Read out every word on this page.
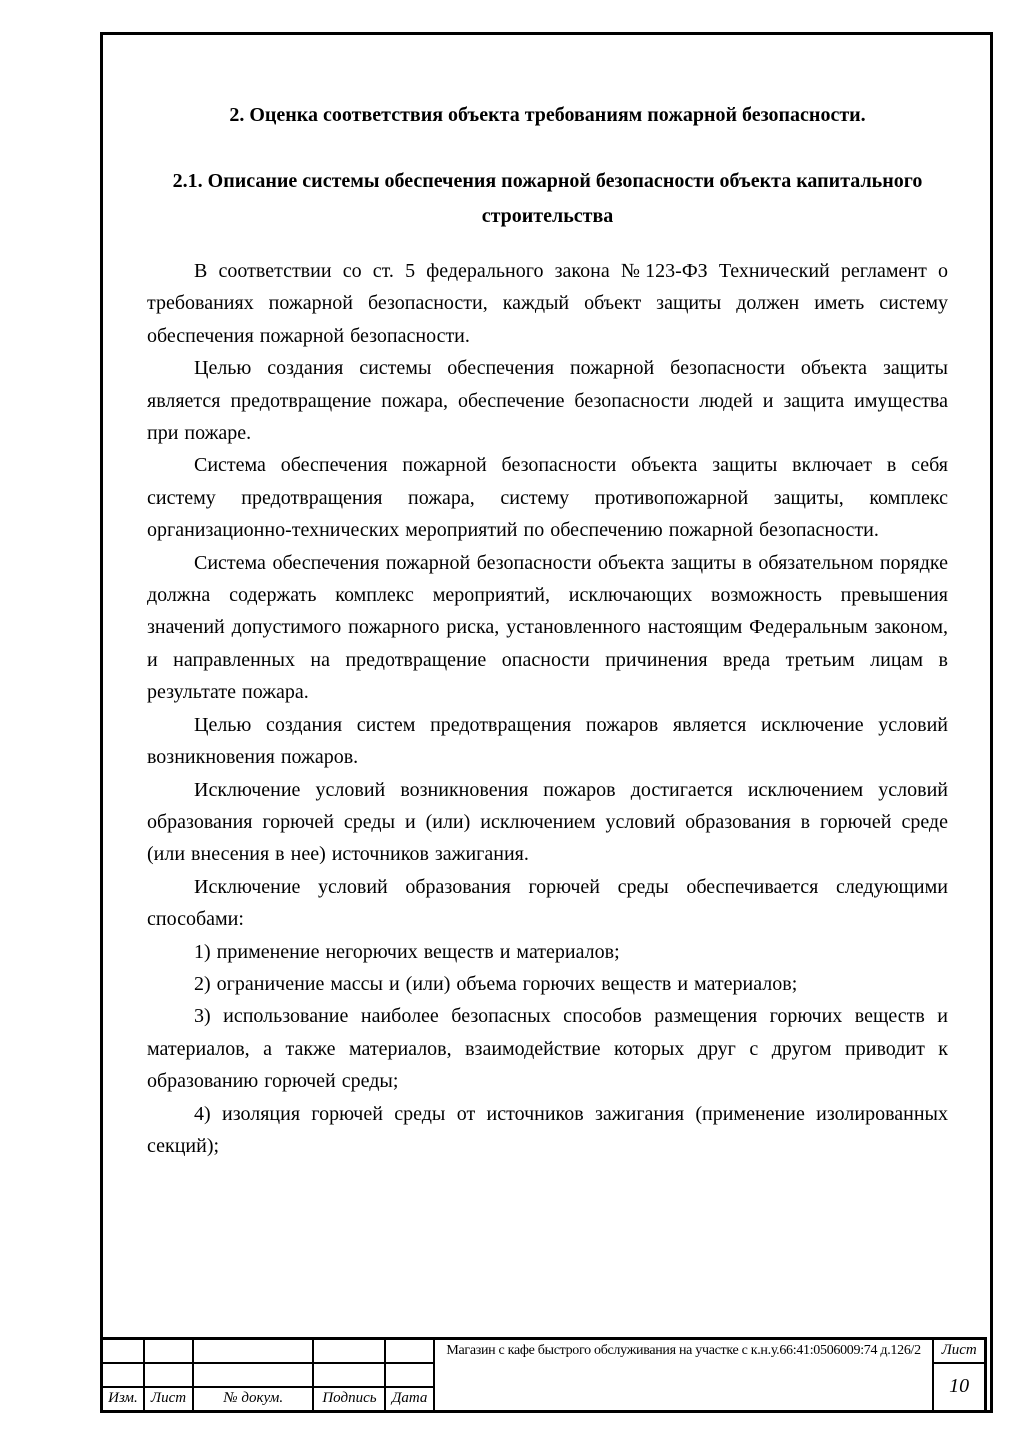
2. Оценка соответствия объекта требованиям пожарной безопасности.
2.1. Описание системы обеспечения пожарной безопасности объекта капитального строительства

В соответствии со ст. 5 федерального закона №123-ФЗ Технический регламент о требованиях пожарной безопасности, каждый объект защиты должен иметь систему обеспечения пожарной безопасности.

Целью создания системы обеспечения пожарной безопасности объекта защиты является предотвращение пожара, обеспечение безопасности людей и защита имущества при пожаре.

Система обеспечения пожарной безопасности объекта защиты включает в себя систему предотвращения пожара, систему противопожарной защиты, комплекс организационно-технических мероприятий по обеспечению пожарной безопасности.

Система обеспечения пожарной безопасности объекта защиты в обязательном порядке должна содержать комплекс мероприятий, исключающих возможность превышения значений допустимого пожарного риска, установленного настоящим Федеральным законом, и направленных на предотвращение опасности причинения вреда третьим лицам в результате пожара.

Целью создания систем предотвращения пожаров является исключение условий возникновения пожаров.

Исключение условий возникновения пожаров достигается исключением условий образования горючей среды и (или) исключением условий образования в горючей среде (или внесения в нее) источников зажигания.

Исключение условий образования горючей среды обеспечивается следующими способами:

1) применение негорючих веществ и материалов;

2) ограничение массы и (или) объема горючих веществ и материалов;

3) использование наиболее безопасных способов размещения горючих веществ и материалов, а также материалов, взаимодействие которых друг с другом приводит к образованию горючей среды;

4) изоляция горючей среды от источников зажигания (применение изолированных секций);

					Магазин с кафе быстрого обслуживания на участке с к.н.у.66:41:0506009:74 д.126/2	Лист
						10
Изм.	Лист	№ докум.	Подпись	Дата		
